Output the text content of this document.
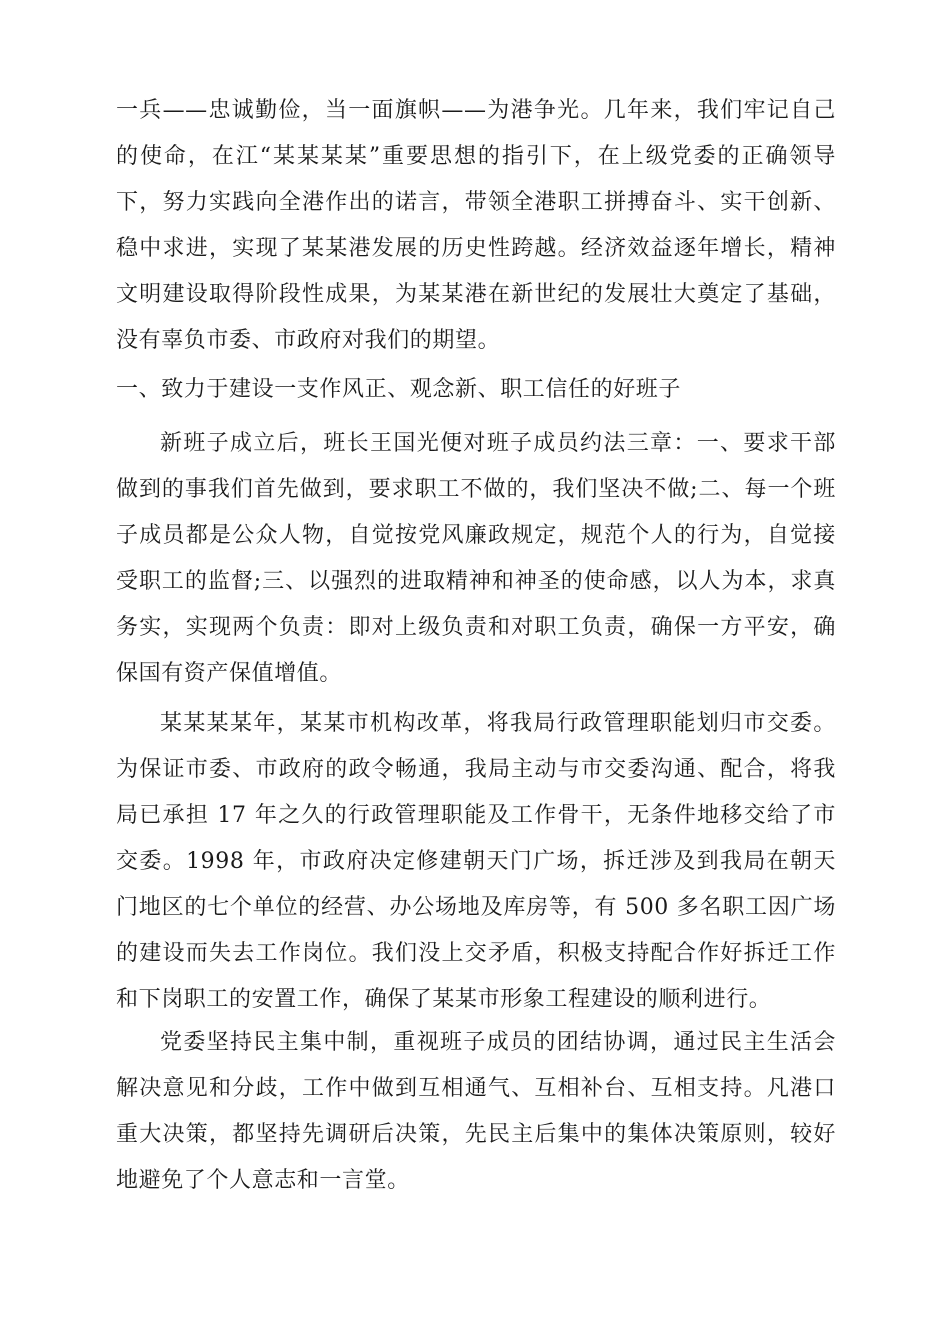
一兵——忠诚勤俭，当一面旗帜——为港争光。几年来，我们牢记自己的使命，在江“某某某某”重要思想的指引下，在上级党委的正确领导下，努力实践向全港作出的诺言，带领全港职工拼搏奋斗、实干创新、稳中求进，实现了某某港发展的历史性跨越。经济效益逐年增长，精神文明建设取得阶段性成果，为某某港在新世纪的发展壮大奠定了基础，没有辜负市委、市政府对我们的期望。

一、致力于建设一支作风正、观念新、职工信任的好班子

新班子成立后，班长王国光便对班子成员约法三章：一、要求干部做到的事我们首先做到，要求职工不做的，我们坚决不做;二、每一个班子成员都是公众人物，自觉按党风廉政规定，规范个人的行为，自觉接受职工的监督;三、以强烈的进取精神和神圣的使命感，以人为本，求真务实，实现两个负责：即对上级负责和对职工负责，确保一方平安，确保国有资产保值增值。

某某某某年，某某市机构改革，将我局行政管理职能划归市交委。为保证市委、市政府的政令畅通，我局主动与市交委沟通、配合，将我局已承担 17 年之久的行政管理职能及工作骨干，无条件地移交给了市交委。1998 年，市政府决定修建朝天门广场，拆迁涉及到我局在朝天门地区的七个单位的经营、办公场地及库房等，有 500 多名职工因广场的建设而失去工作岗位。我们没上交矛盾，积极支持配合作好拆迁工作和下岗职工的安置工作，确保了某某市形象工程建设的顺利进行。

党委坚持民主集中制，重视班子成员的团结协调，通过民主生活会解决意见和分歧，工作中做到互相通气、互相补台、互相支持。凡港口重大决策，都坚持先调研后决策，先民主后集中的集体决策原则，较好地避免了个人意志和一言堂。
